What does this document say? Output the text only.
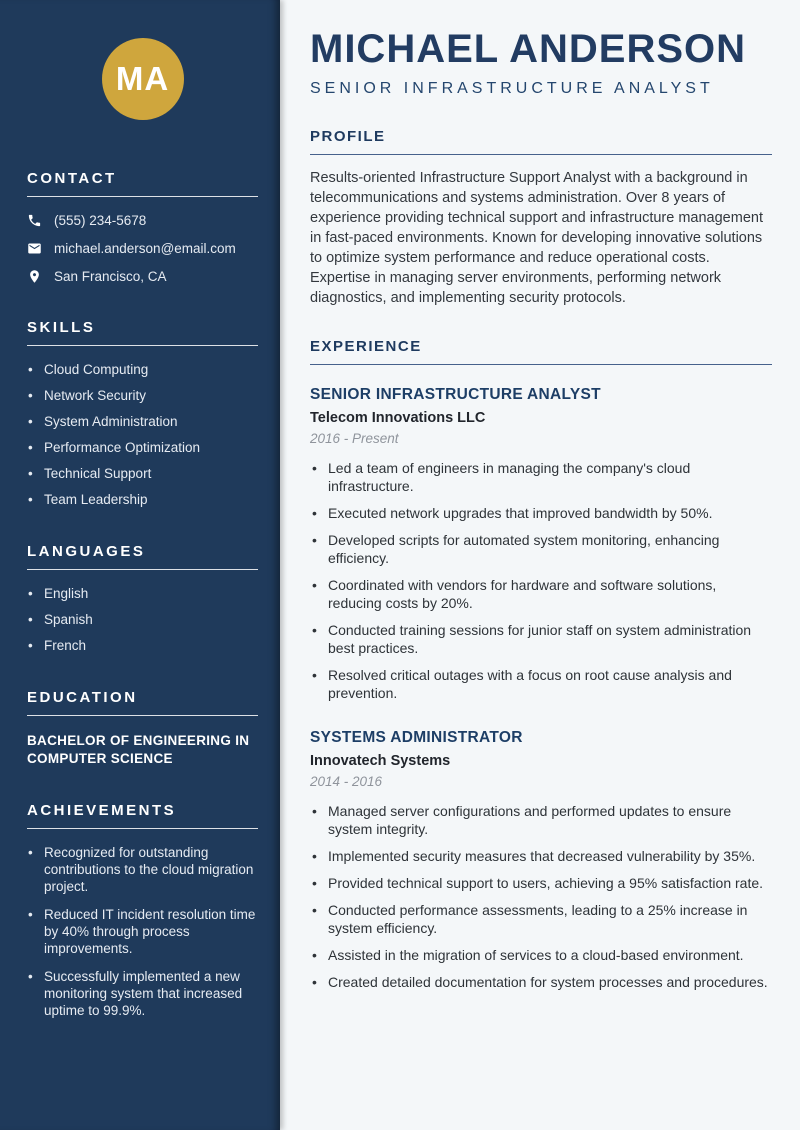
MA
CONTACT
(555) 234-5678
michael.anderson@email.com
San Francisco, CA
SKILLS
• Cloud Computing
• Network Security
• System Administration
• Performance Optimization
• Technical Support
• Team Leadership
LANGUAGES
• English
• Spanish
• French
EDUCATION
BACHELOR OF ENGINEERING IN COMPUTER SCIENCE
ACHIEVEMENTS
• Recognized for outstanding contributions to the cloud migration project.
• Reduced IT incident resolution time by 40% through process improvements.
• Successfully implemented a new monitoring system that increased uptime to 99.9%.
MICHAEL ANDERSON
SENIOR INFRASTRUCTURE ANALYST
PROFILE

Results-oriented Infrastructure Support Analyst with a background in telecommunications and systems administration. Over 8 years of experience providing technical support and infrastructure management in fast-paced environments. Known for developing innovative solutions to optimize system performance and reduce operational costs. Expertise in managing server environments, performing network diagnostics, and implementing security protocols.

EXPERIENCE
SENIOR INFRASTRUCTURE ANALYST
Telecom Innovations LLC
2016 - Present
• Led a team of engineers in managing the company's cloud infrastructure.
• Executed network upgrades that improved bandwidth by 50%.
• Developed scripts for automated system monitoring, enhancing efficiency.
• Coordinated with vendors for hardware and software solutions, reducing costs by 20%.
• Conducted training sessions for junior staff on system administration best practices.
• Resolved critical outages with a focus on root cause analysis and prevention.
SYSTEMS ADMINISTRATOR
Innovatech Systems
2014 - 2016
• Managed server configurations and performed updates to ensure system integrity.
• Implemented security measures that decreased vulnerability by 35%.
• Provided technical support to users, achieving a 95% satisfaction rate.
• Conducted performance assessments, leading to a 25% increase in system efficiency.
• Assisted in the migration of services to a cloud-based environment.
• Created detailed documentation for system processes and procedures.
